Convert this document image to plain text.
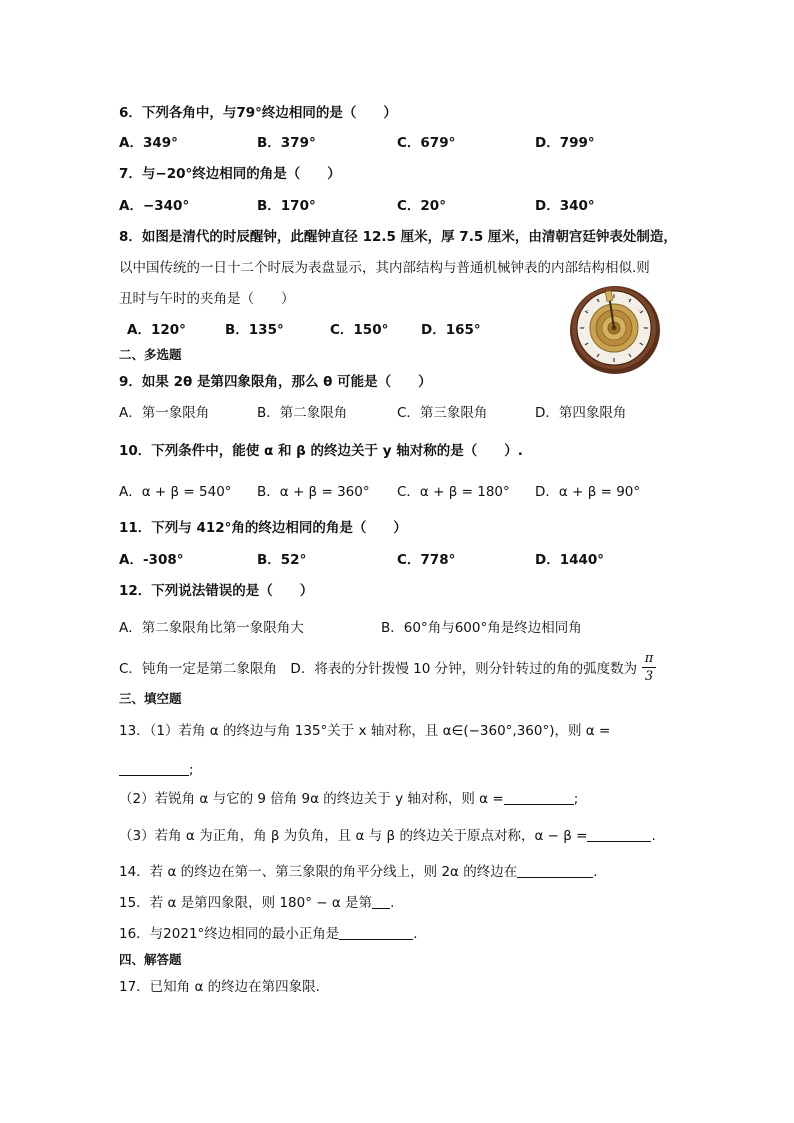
6．下列各角中，与79°终边相同的是（　　）
A．349°	B．379°	C．679°	D．799°
7．与−20°终边相同的角是（　　）
A．−340°	B．170°	C．20°	D．340°
8．如图是清代的时辰醒钟，此醒钟直径 12.5 厘米，厚 7.5 厘米，由清朝宫廷钟表处制造，
以中国传统的一日十二个时辰为表盘显示，其内部结构与普通机械钟表的内部结构相似.则
丑时与午时的夹角是（　　）
A．120°	B．135°	C．150° D．165°
·
·
·
·
·
·
·
·
二、多选题
9．如果 2θ 是第四象限角，那么 θ 可能是（　　）
A．第一象限角	B．第二象限角	C．第三象限角	D．第四象限角
10．下列条件中，能使 α 和 β 的终边关于 y 轴对称的是（　　）.
A．α + β = 540° B．α + β = 360° C．α + β = 180° D．α + β = 90°
11．下列与 412°角的终边相同的角是（　　）
A．-308°	B．52°	C．778°	D．1440°
12．下列说法错误的是（　　）
A．第二象限角比第一象限角大	B．60°角与600°角是终边相同角
C．钝角一定是第二象限角　D．将表的分针拨慢 10 分钟，则分针转过的角的弧度数为
π
3
三、填空题
13．（1）若角 α 的终边与角 135°关于 x 轴对称，且 α∈(−360°,360°)，则 α =
;
（2）若锐角 α 与它的 9 倍角 9α 的终边关于 y 轴对称，则 α =	;
（3）若角 α 为正角，角 β 为负角，且 α 与 β 的终边关于原点对称，α − β =	.
14．若 α 的终边在第一、第三象限的角平分线上，则 2α 的终边在	.
15．若 α 是第四象限，则 180° − α 是第 .
16．与2021°终边相同的最小正角是	.
四、解答题
17．已知角 α 的终边在第四象限.
